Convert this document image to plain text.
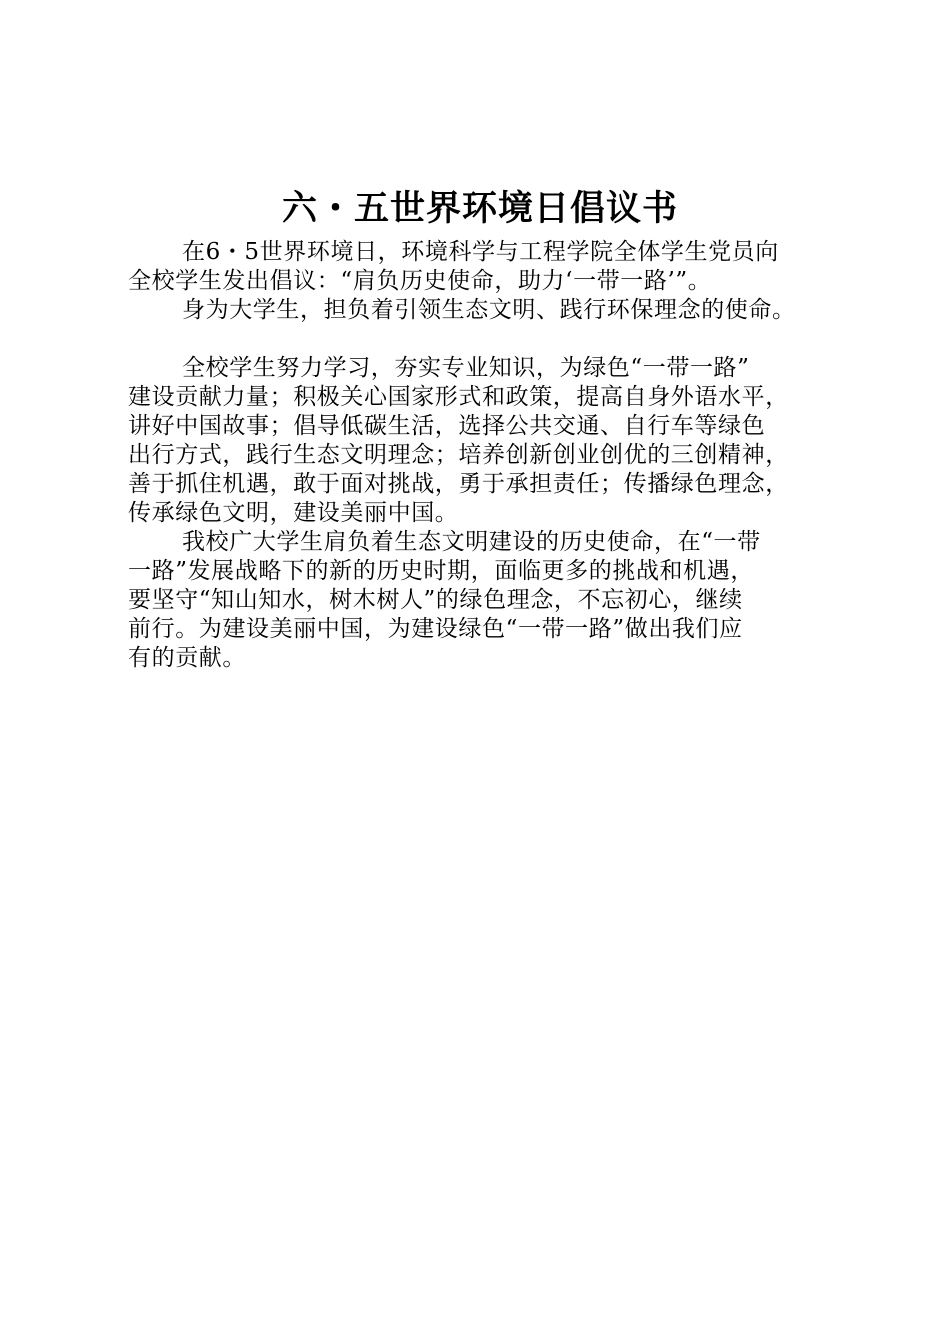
六・五世界环境日倡议书
在6・5世界环境日，环境科学与工程学院全体学生党员向
全校学生发出倡议：“肩负历史使命，助力‘一带一路’”。
身为大学生，担负着引领生态文明、践行环保理念的使命。
全校学生努力学习，夯实专业知识，为绿色“一带一路”
建设贡献力量；积极关心国家形式和政策，提高自身外语水平，
讲好中国故事；倡导低碳生活，选择公共交通、自行车等绿色
出行方式，践行生态文明理念；培养创新创业创优的三创精神，
善于抓住机遇，敢于面对挑战，勇于承担责任；传播绿色理念，
传承绿色文明，建设美丽中国。
我校广大学生肩负着生态文明建设的历史使命，在“一带
一路”发展战略下的新的历史时期，面临更多的挑战和机遇，
要坚守“知山知水，树木树人”的绿色理念，不忘初心，继续
前行。为建设美丽中国，为建设绿色“一带一路”做出我们应
有的贡献。
